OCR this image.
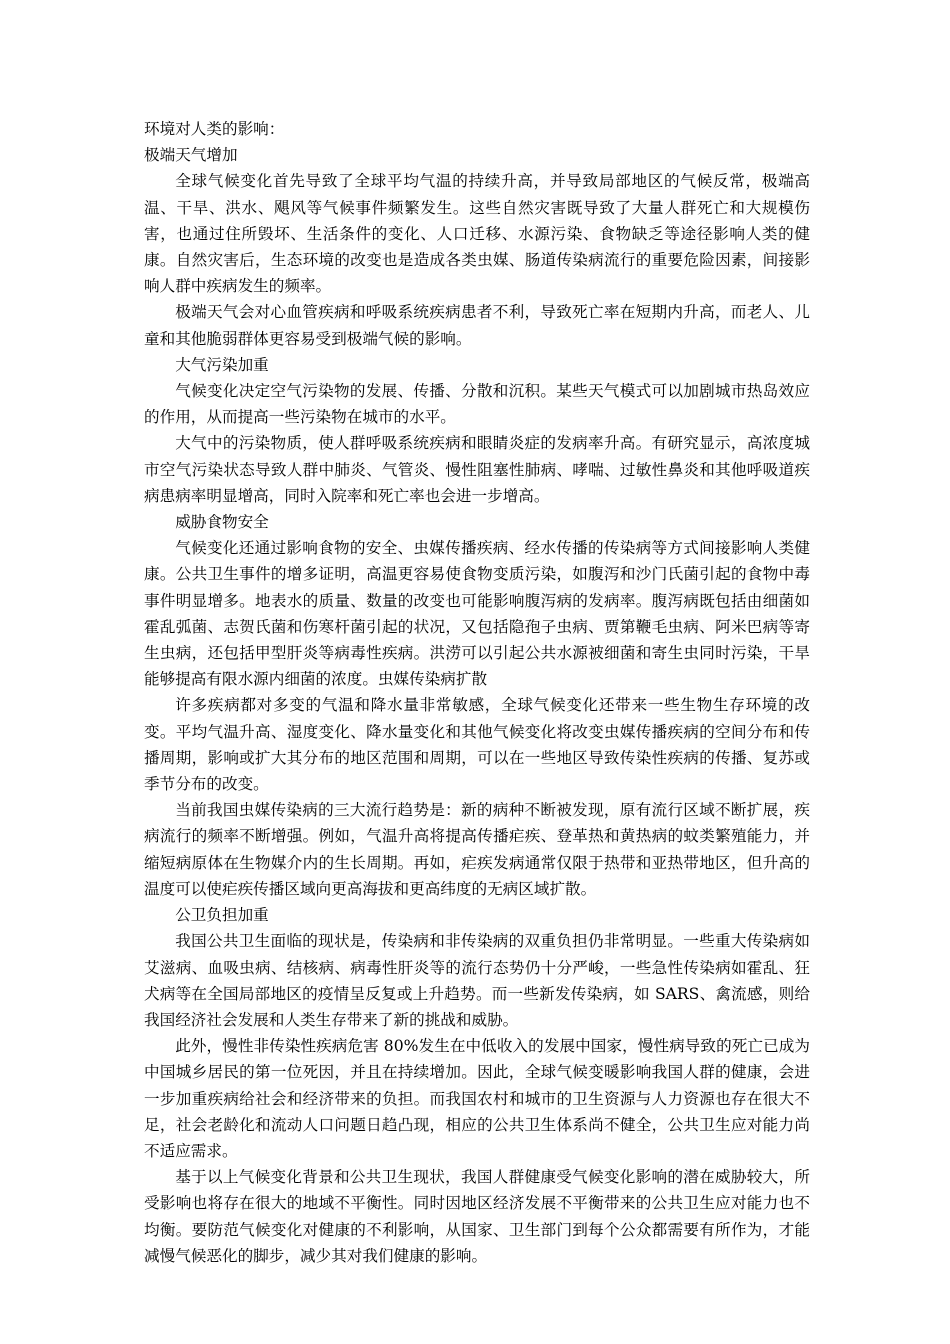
环境对人类的影响：

极端天气增加

全球气候变化首先导致了全球平均气温的持续升高，并导致局部地区的气候反常，极端高温、干旱、洪水、飓风等气候事件频繁发生。这些自然灾害既导致了大量人群死亡和大规模伤害，也通过住所毁坏、生活条件的变化、人口迁移、水源污染、食物缺乏等途径影响人类的健康。自然灾害后，生态环境的改变也是造成各类虫媒、肠道传染病流行的重要危险因素，间接影响人群中疾病发生的频率。

极端天气会对心血管疾病和呼吸系统疾病患者不利，导致死亡率在短期内升高，而老人、儿童和其他脆弱群体更容易受到极端气候的影响。

大气污染加重

气候变化决定空气污染物的发展、传播、分散和沉积。某些天气模式可以加剧城市热岛效应的作用，从而提高一些污染物在城市的水平。

大气中的污染物质，使人群呼吸系统疾病和眼睛炎症的发病率升高。有研究显示，高浓度城市空气污染状态导致人群中肺炎、气管炎、慢性阻塞性肺病、哮喘、过敏性鼻炎和其他呼吸道疾病患病率明显增高，同时入院率和死亡率也会进一步增高。

威胁食物安全

气候变化还通过影响食物的安全、虫媒传播疾病、经水传播的传染病等方式间接影响人类健康。公共卫生事件的增多证明，高温更容易使食物变质污染，如腹泻和沙门氏菌引起的食物中毒事件明显增多。地表水的质量、数量的改变也可能影响腹泻病的发病率。腹泻病既包括由细菌如霍乱弧菌、志贺氏菌和伤寒杆菌引起的状况，又包括隐孢子虫病、贾第鞭毛虫病、阿米巴病等寄生虫病，还包括甲型肝炎等病毒性疾病。洪涝可以引起公共水源被细菌和寄生虫同时污染，干旱能够提高有限水源内细菌的浓度。虫媒传染病扩散

许多疾病都对多变的气温和降水量非常敏感，全球气候变化还带来一些生物生存环境的改变。平均气温升高、湿度变化、降水量变化和其他气候变化将改变虫媒传播疾病的空间分布和传播周期，影响或扩大其分布的地区范围和周期，可以在一些地区导致传染性疾病的传播、复苏或季节分布的改变。

当前我国虫媒传染病的三大流行趋势是：新的病种不断被发现，原有流行区域不断扩展，疾病流行的频率不断增强。例如，气温升高将提高传播疟疾、登革热和黄热病的蚊类繁殖能力，并缩短病原体在生物媒介内的生长周期。再如，疟疾发病通常仅限于热带和亚热带地区，但升高的温度可以使疟疾传播区域向更高海拔和更高纬度的无病区域扩散。

公卫负担加重

我国公共卫生面临的现状是，传染病和非传染病的双重负担仍非常明显。一些重大传染病如艾滋病、血吸虫病、结核病、病毒性肝炎等的流行态势仍十分严峻，一些急性传染病如霍乱、狂犬病等在全国局部地区的疫情呈反复或上升趋势。而一些新发传染病，如 SARS、禽流感，则给我国经济社会发展和人类生存带来了新的挑战和威胁。

此外，慢性非传染性疾病危害 80%发生在中低收入的发展中国家，慢性病导致的死亡已成为中国城乡居民的第一位死因，并且在持续增加。因此，全球气候变暖影响我国人群的健康，会进一步加重疾病给社会和经济带来的负担。而我国农村和城市的卫生资源与人力资源也存在很大不足，社会老龄化和流动人口问题日趋凸现，相应的公共卫生体系尚不健全，公共卫生应对能力尚不适应需求。

基于以上气候变化背景和公共卫生现状，我国人群健康受气候变化影响的潜在威胁较大，所受影响也将存在很大的地域不平衡性。同时因地区经济发展不平衡带来的公共卫生应对能力也不均衡。要防范气候变化对健康的不利影响，从国家、卫生部门到每个公众都需要有所作为，才能减慢气候恶化的脚步，减少其对我们健康的影响。
